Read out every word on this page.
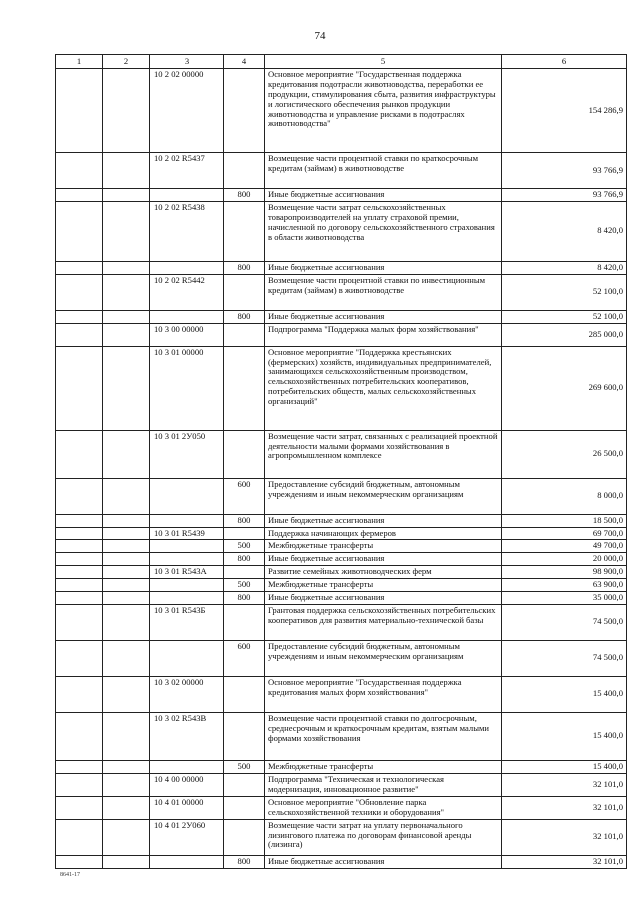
74
1	2	3	4	5	6
		10 2 02 00000		Основное мероприятие "Государственная поддержка кредитования подотрасли животноводства, переработки ее продукции, стимулирования сбыта, развития инфраструктуры и логистического обеспечения рынков продукции животноводства и управление рисками в подотраслях животноводства"	154 286,9
		10 2 02 R5437		Возмещение части процентной ставки по краткосрочным кредитам (займам) в животноводстве	93 766,9
			800	Иные бюджетные ассигнования	93 766,9
		10 2 02 R5438		Возмещение части затрат сельскохозяйственных товаропроизводителей на уплату страховой премии, начисленной по договору сельскохозяйственного страхования в области животноводства	8 420,0
			800	Иные бюджетные ассигнования	8 420,0
		10 2 02 R5442		Возмещение части процентной ставки по инвестиционным кредитам (займам) в животноводстве	52 100,0
			800	Иные бюджетные ассигнования	52 100,0
		10 3 00 00000		Подпрограмма "Поддержка малых форм хозяйствования"	285 000,0
		10 3 01 00000		Основное мероприятие "Поддержка крестьянских (фермерских) хозяйств, индивидуальных предпринимателей, занимающихся сельскохозяйственным производством, сельскохозяйственных потребительских кооперативов, потребительских обществ, малых сельскохозяйственных организаций"	269 600,0
		10 3 01 2У050		Возмещение части затрат, связанных с реализацией проектной деятельности малыми формами хозяйствования в агропромышленном комплексе	26 500,0
			600	Предоставление субсидий бюджетным, автономным учреждениям и иным некоммерческим организациям	8 000,0
			800	Иные бюджетные ассигнования	18 500,0
		10 3 01 R5439		Поддержка начинающих фермеров	69 700,0
			500	Межбюджетные трансферты	49 700,0
			800	Иные бюджетные ассигнования	20 000,0
		10 3 01 R543А		Развитие семейных животноводческих ферм	98 900,0
			500	Межбюджетные трансферты	63 900,0
			800	Иные бюджетные ассигнования	35 000,0
		10 3 01 R543Б		Грантовая поддержка сельскохозяйственных потребительских кооперативов для развития материально-технической базы	74 500,0
			600	Предоставление субсидий бюджетным, автономным учреждениям и иным некоммерческим организациям	74 500,0
		10 3 02 00000		Основное мероприятие "Государственная поддержка кредитования малых форм хозяйствования"	15 400,0
		10 3 02 R543В		Возмещение части процентной ставки по долгосрочным, среднесрочным и краткосрочным кредитам, взятым малыми формами хозяйствования	15 400,0
			500	Межбюджетные трансферты	15 400,0
		10 4 00 00000		Подпрограмма "Техническая и технологическая модернизация, инновационное развитие"	32 101,0
		10 4 01 00000		Основное мероприятие "Обновление парка сельскохозяйственной техники и оборудования"	32 101,0
		10 4 01 2У060		Возмещение части затрат на уплату первоначального лизингового платежа по договорам финансовой аренды (лизинга)	32 101,0
			800	Иные бюджетные ассигнования	32 101,0
8641-17
